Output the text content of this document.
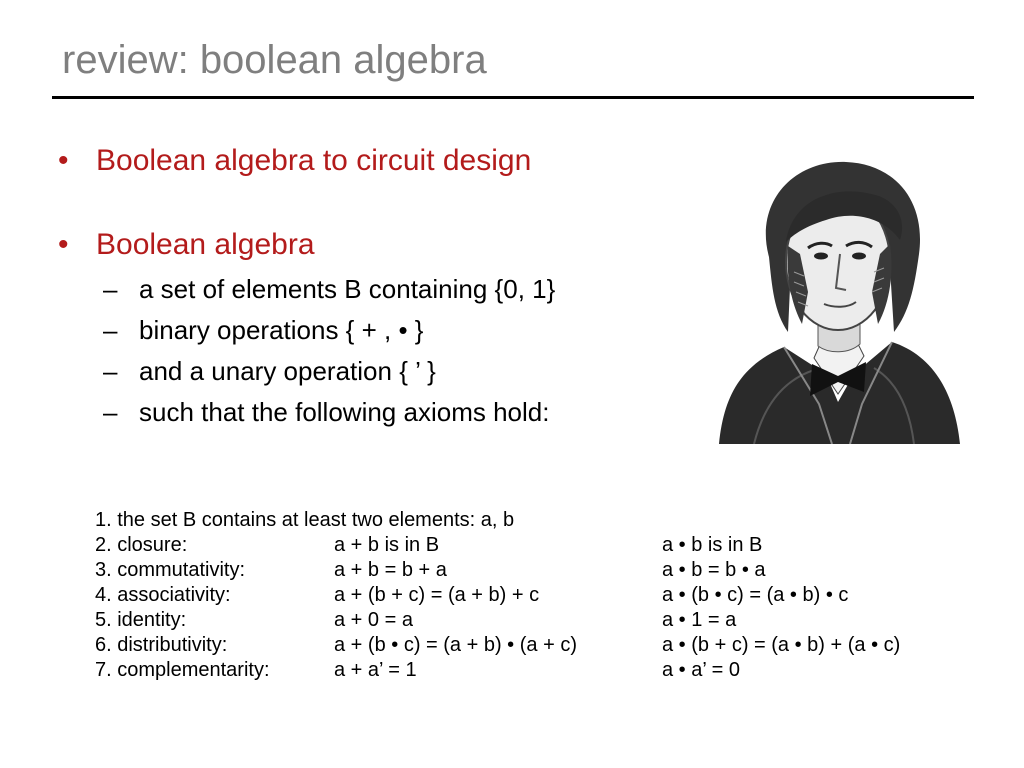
review: boolean algebra
• Boolean algebra to circuit design
• Boolean algebra
– a set of elements B containing {0, 1}
– binary operations { + , • }
– and a unary operation { ’ }
– such that the following axioms hold:
1. the set B contains at least two elements: a, b
2. closure:	a + b is in B	a • b is in B
3. commutativity:	a + b = b + a	a • b = b • a
4. associativity:	a + (b + c) = (a + b) + c	a • (b • c) = (a • b) • c
5. identity:	a + 0 = a	a • 1 = a
6. distributivity:	a + (b • c) = (a + b) • (a + c)	a • (b + c) = (a • b) + (a • c)
7. complementarity:	a + a’ = 1	a • a’ = 0
